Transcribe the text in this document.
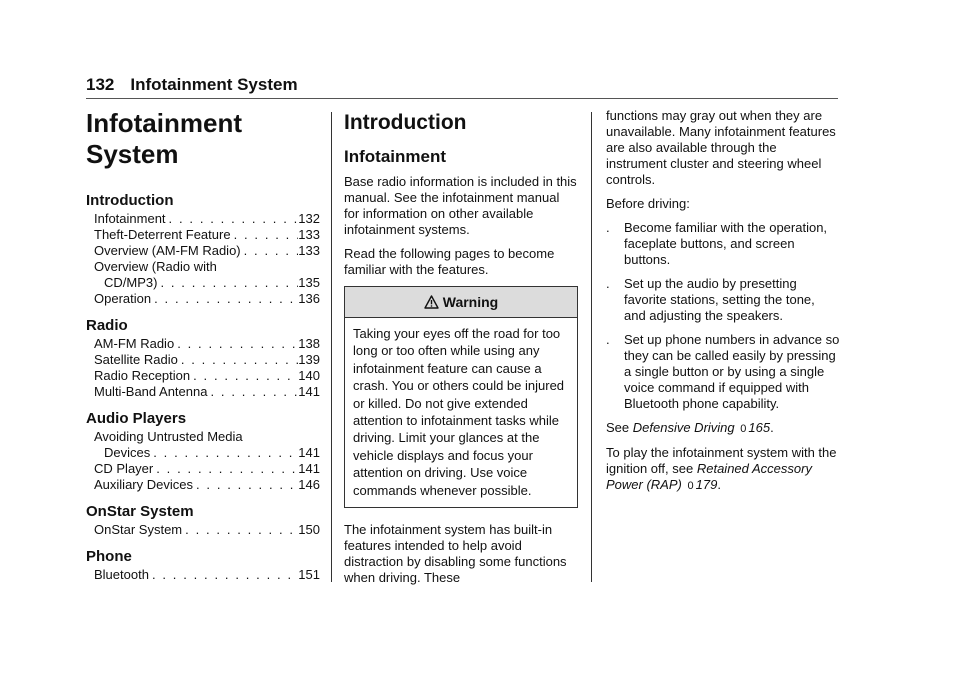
132 Infotainment System
Infotainment
System
Introduction
Infotainment . . .	132
Theft-Deterrent Feature . . .	133
Overview (AM-FM Radio) . . .	133
Overview (Radio with
CD/MP3) . . .	135
Operation . . .	136
Radio
AM-FM Radio . . .	138
Satellite Radio . . .	139
Radio Reception . . .	140
Multi-Band Antenna . . .	141
Audio Players
Avoiding Untrusted Media
Devices . . .	141
CD Player . . .	141
Auxiliary Devices . . .	146
OnStar System
OnStar System . . .	150
Phone
Bluetooth . . .	151
Introduction
Infotainment

Base radio information is included in this manual. See the infotainment manual for information on other available infotainment systems.

Read the following pages to become familiar with the features.

Warning
Taking your eyes off the road for too long or too often while using any infotainment feature can cause a crash. You or others could be injured or killed. Do not give extended attention to infotainment tasks while driving. Limit your glances at the vehicle displays and focus your attention on driving. Use voice commands whenever possible.

The infotainment system has built-in features intended to help avoid distraction by disabling some functions when driving. These

functions may gray out when they are unavailable. Many infotainment features are also available through the instrument cluster and steering wheel controls.

Before driving:

.	Become familiar with the operation, faceplate buttons, and screen buttons.
.	Set up the audio by presetting favorite stations, setting the tone, and adjusting the speakers.
.	Set up phone numbers in advance so they can be called easily by pressing a single button or by using a single voice command if equipped with Bluetooth phone capability.

See Defensive Driving 0 165.

To play the infotainment system with the ignition off, see Retained Accessory Power (RAP) 0 179.
